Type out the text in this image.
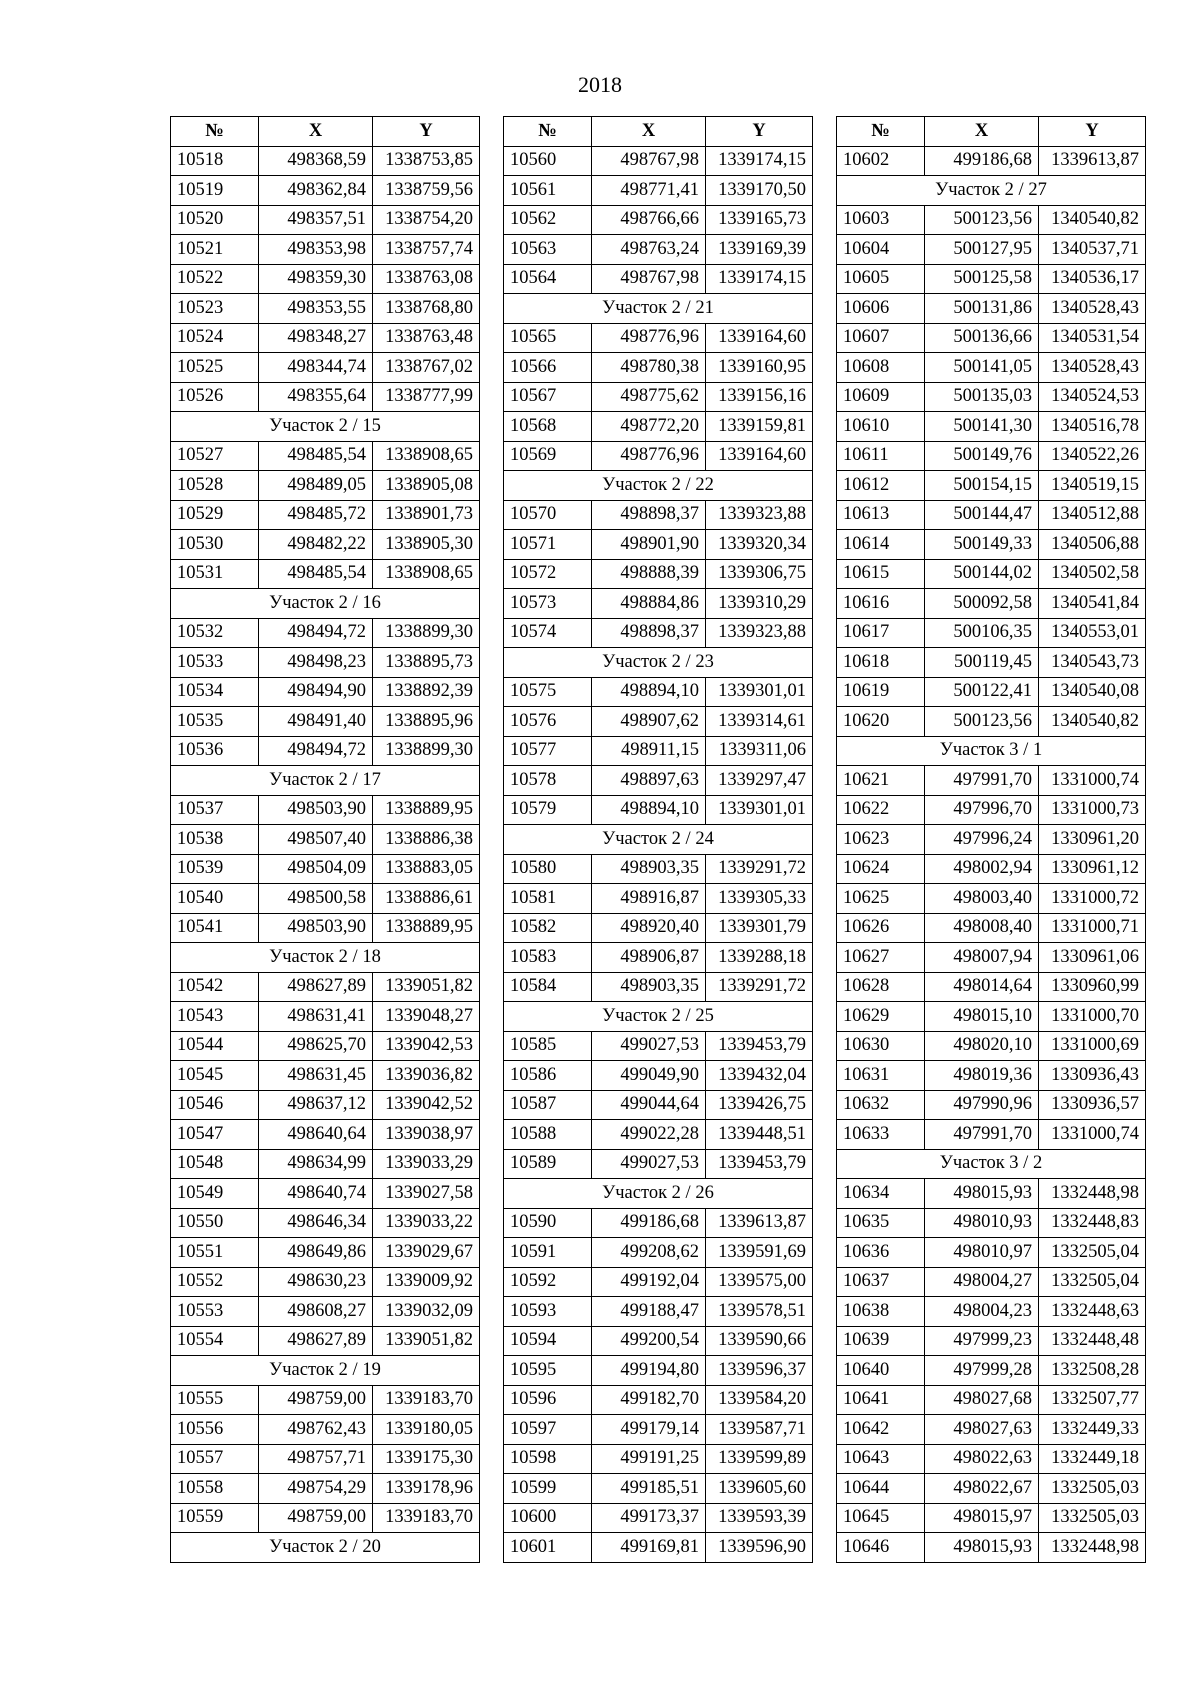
2018
№	X	Y
10518	498368,59	1338753,85
10519	498362,84	1338759,56
10520	498357,51	1338754,20
10521	498353,98	1338757,74
10522	498359,30	1338763,08
10523	498353,55	1338768,80
10524	498348,27	1338763,48
10525	498344,74	1338767,02
10526	498355,64	1338777,99
Участок 2 / 15		
10527	498485,54	1338908,65
10528	498489,05	1338905,08
10529	498485,72	1338901,73
10530	498482,22	1338905,30
10531	498485,54	1338908,65
Участок 2 / 16		
10532	498494,72	1338899,30
10533	498498,23	1338895,73
10534	498494,90	1338892,39
10535	498491,40	1338895,96
10536	498494,72	1338899,30
Участок 2 / 17		
10537	498503,90	1338889,95
10538	498507,40	1338886,38
10539	498504,09	1338883,05
10540	498500,58	1338886,61
10541	498503,90	1338889,95
Участок 2 / 18		
10542	498627,89	1339051,82
10543	498631,41	1339048,27
10544	498625,70	1339042,53
10545	498631,45	1339036,82
10546	498637,12	1339042,52
10547	498640,64	1339038,97
10548	498634,99	1339033,29
10549	498640,74	1339027,58
10550	498646,34	1339033,22
10551	498649,86	1339029,67
10552	498630,23	1339009,92
10553	498608,27	1339032,09
10554	498627,89	1339051,82
Участок 2 / 19		
10555	498759,00	1339183,70
10556	498762,43	1339180,05
10557	498757,71	1339175,30
10558	498754,29	1339178,96
10559	498759,00	1339183,70
Участок 2 / 20		
№	X	Y
10560	498767,98	1339174,15
10561	498771,41	1339170,50
10562	498766,66	1339165,73
10563	498763,24	1339169,39
10564	498767,98	1339174,15
Участок 2 / 21		
10565	498776,96	1339164,60
10566	498780,38	1339160,95
10567	498775,62	1339156,16
10568	498772,20	1339159,81
10569	498776,96	1339164,60
Участок 2 / 22		
10570	498898,37	1339323,88
10571	498901,90	1339320,34
10572	498888,39	1339306,75
10573	498884,86	1339310,29
10574	498898,37	1339323,88
Участок 2 / 23		
10575	498894,10	1339301,01
10576	498907,62	1339314,61
10577	498911,15	1339311,06
10578	498897,63	1339297,47
10579	498894,10	1339301,01
Участок 2 / 24		
10580	498903,35	1339291,72
10581	498916,87	1339305,33
10582	498920,40	1339301,79
10583	498906,87	1339288,18
10584	498903,35	1339291,72
Участок 2 / 25		
10585	499027,53	1339453,79
10586	499049,90	1339432,04
10587	499044,64	1339426,75
10588	499022,28	1339448,51
10589	499027,53	1339453,79
Участок 2 / 26		
10590	499186,68	1339613,87
10591	499208,62	1339591,69
10592	499192,04	1339575,00
10593	499188,47	1339578,51
10594	499200,54	1339590,66
10595	499194,80	1339596,37
10596	499182,70	1339584,20
10597	499179,14	1339587,71
10598	499191,25	1339599,89
10599	499185,51	1339605,60
10600	499173,37	1339593,39
10601	499169,81	1339596,90
№	X	Y
10602	499186,68	1339613,87
Участок 2 / 27		
10603	500123,56	1340540,82
10604	500127,95	1340537,71
10605	500125,58	1340536,17
10606	500131,86	1340528,43
10607	500136,66	1340531,54
10608	500141,05	1340528,43
10609	500135,03	1340524,53
10610	500141,30	1340516,78
10611	500149,76	1340522,26
10612	500154,15	1340519,15
10613	500144,47	1340512,88
10614	500149,33	1340506,88
10615	500144,02	1340502,58
10616	500092,58	1340541,84
10617	500106,35	1340553,01
10618	500119,45	1340543,73
10619	500122,41	1340540,08
10620	500123,56	1340540,82
Участок 3 / 1		
10621	497991,70	1331000,74
10622	497996,70	1331000,73
10623	497996,24	1330961,20
10624	498002,94	1330961,12
10625	498003,40	1331000,72
10626	498008,40	1331000,71
10627	498007,94	1330961,06
10628	498014,64	1330960,99
10629	498015,10	1331000,70
10630	498020,10	1331000,69
10631	498019,36	1330936,43
10632	497990,96	1330936,57
10633	497991,70	1331000,74
Участок 3 / 2		
10634	498015,93	1332448,98
10635	498010,93	1332448,83
10636	498010,97	1332505,04
10637	498004,27	1332505,04
10638	498004,23	1332448,63
10639	497999,23	1332448,48
10640	497999,28	1332508,28
10641	498027,68	1332507,77
10642	498027,63	1332449,33
10643	498022,63	1332449,18
10644	498022,67	1332505,03
10645	498015,97	1332505,03
10646	498015,93	1332448,98
